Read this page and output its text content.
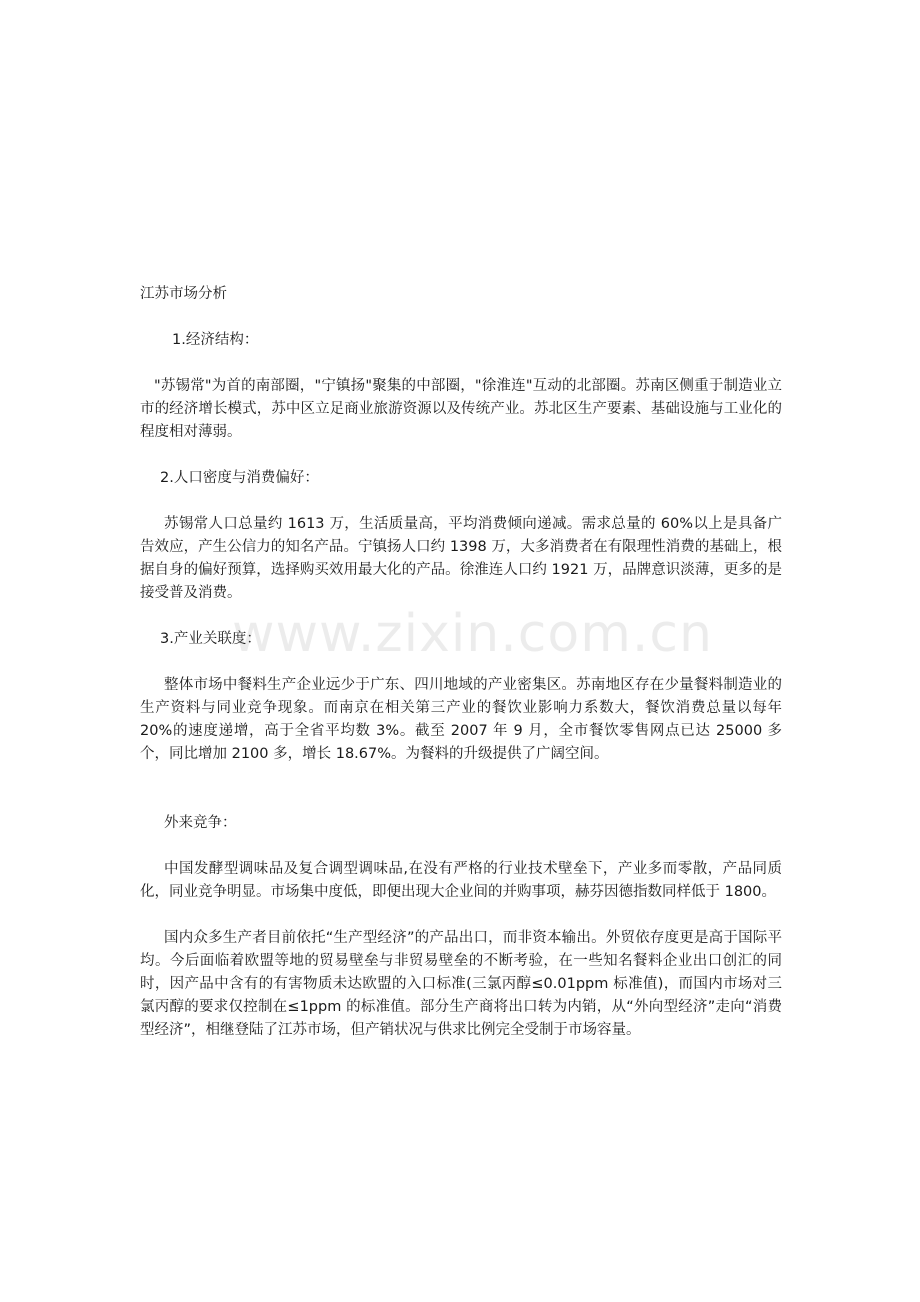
江苏市场分析

1.经济结构：

"苏锡常"为首的南部圈，"宁镇扬"聚集的中部圈，"徐淮连"互动的北部圈。苏南区侧重于制造业立市的经济增长模式，苏中区立足商业旅游资源以及传统产业。苏北区生产要素、基础设施与工业化的程度相对薄弱。

2.人口密度与消费偏好：

苏锡常人口总量约 1613 万，生活质量高，平均消费倾向递减。需求总量的 60%以上是具备广告效应，产生公信力的知名产品。宁镇扬人口约 1398 万，大多消费者在有限理性消费的基础上，根据自身的偏好预算，选择购买效用最大化的产品。徐淮连人口约 1921 万，品牌意识淡薄，更多的是接受普及消费。

3.产业关联度：

整体市场中餐料生产企业远少于广东、四川地域的产业密集区。苏南地区存在少量餐料制造业的生产资料与同业竞争现象。而南京在相关第三产业的餐饮业影响力系数大，餐饮消费总量以每年 20%的速度递增，高于全省平均数 3%。截至 2007 年 9 月，全市餐饮零售网点已达 25000 多个，同比增加 2100 多，增长 18.67%。为餐料的升级提供了广阔空间。

外来竞争：

中国发酵型调味品及复合调型调味品,在没有严格的行业技术壁垒下，产业多而零散，产品同质化，同业竞争明显。市场集中度低，即便出现大企业间的并购事项，赫芬因德指数同样低于 1800。

国内众多生产者目前依托“生产型经济”的产品出口，而非资本输出。外贸依存度更是高于国际平均。今后面临着欧盟等地的贸易壁垒与非贸易壁垒的不断考验，在一些知名餐料企业出口创汇的同时，因产品中含有的有害物质未达欧盟的入口标准(三氯丙醇≤0.01ppm 标准值)，而国内市场对三氯丙醇的要求仅控制在≤1ppm 的标准值。部分生产商将出口转为内销，从“外向型经济”走向“消费型经济”，相继登陆了江苏市场，但产销状况与供求比例完全受制于市场容量。

www.zixin.com.cn
